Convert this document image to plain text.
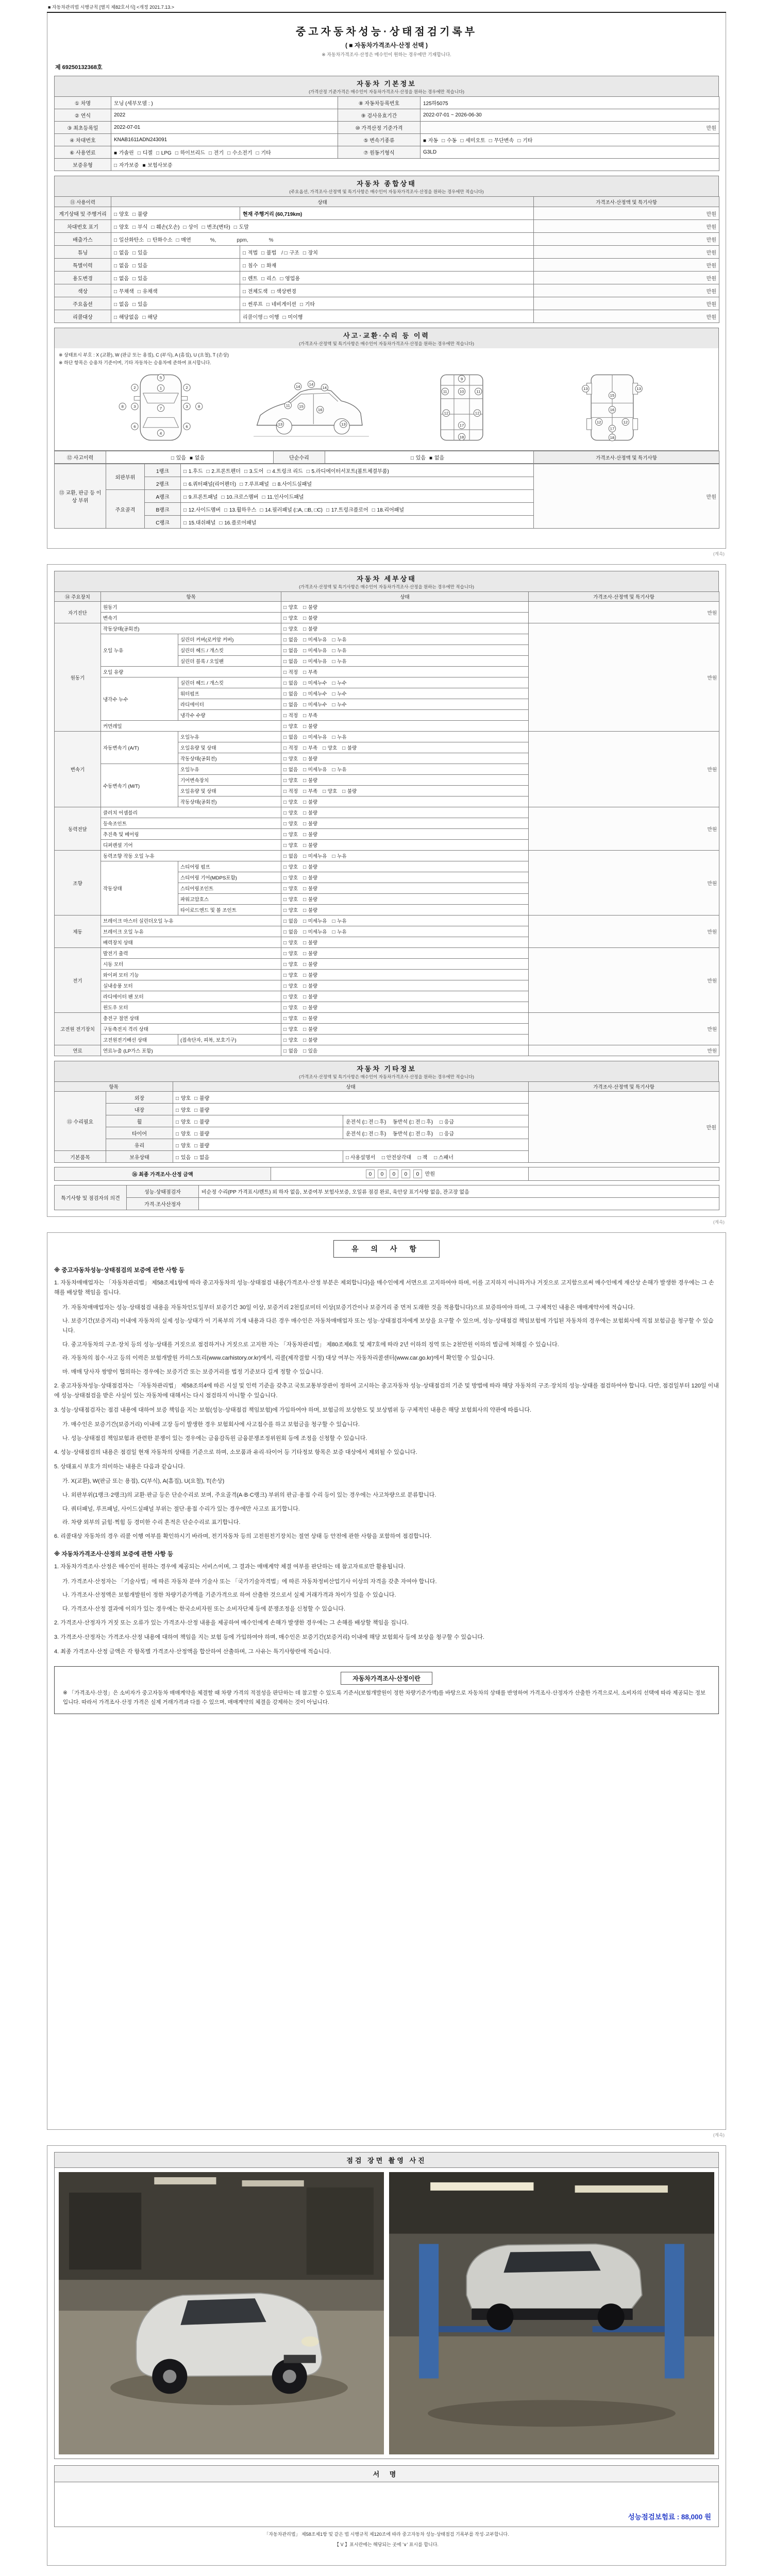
■ 자동차관리법 시행규칙 [별지 제82호서식] <개정 2021.7.13.>
중고자동차성능·상태점검기록부
( ■ 자동차가격조사·산정 선택 )
※ 자동차가격조사·산정은 매수인이 원하는 경우에만 기재합니다.
제 69250132368호
자동차 기본정보
(가격산정 기준가격은 매수인이 자동차가격조사·산정을 원하는 경우에만 적습니다)
① 차명	모닝 (세부모델 : )	⑧ 자동차등록번호	125하5075
② 연식	2022	⑨ 검사유효기간	2022-07-01 ~ 2026-06-30
③ 최초등록일	2022-07-01	⑩ 가격산정 기준가격	만원
④ 차대번호	KNAB1611ADN243091	⑤ 변속기종류	■ 자동 □ 수동 □ 세미오토 □ 무단변속 □ 기타
⑥ 사용연료	■ 가솔린 □ 디젤 □ LPG □ 하이브리드 □ 전기 □ 수소전기 □ 기타	⑦ 원동기형식	G3LD
보증유형	□ 자가보증 ■ 보험사보증		
자동차 종합상태
(주요옵션, 가격조사·산정액 및 특기사항은 매수인이 자동차가격조사·산정을 원하는 경우에만 적습니다)
⑪ 사용이력	상태		가격조사·산정액 및 특기사항
계기상태 및 주행거리	□ 양호 □ 불량	현재 주행거리 (60,719km)	만원
차대번호 표기	□ 양호 □ 부식 □ 훼손(오손) □ 상이 □ 변조(변타) □ 도말		만원
배출가스	□ 일산화탄소 □ 탄화수소 □ 매연　　　%,　　　　ppm,　　　　%		만원
튜닝	□ 없음 □ 있음	□ 적법 □ 불법 / □ 구조 □ 장치	만원
특별이력	□ 없음 □ 있음	□ 침수 □ 화재	만원
용도변경	□ 없음 □ 있음	□ 렌트 □ 리스 □ 영업용	만원
색상	□ 무채색 □ 유채색	□ 전체도색 □ 색상변경	만원
주요옵션	□ 없음 □ 있음	□ 썬루프 □ 네비게이션 □ 기타	만원
리콜대상	□ 해당없음 □ 해당	리콜이행 □ 이행 □ 미이행	만원
사고·교환·수리 등 이력
(가격조사·산정액 및 특기사항은 매수인이 자동차가격조사·산정을 원하는 경우에만 적습니다)
※ 상태표시 부호 : X (교환), W (판금 또는 용접), C (부식), A (흠집), U (요철), T (손상)
※ 하단 항목은 승용차 기준이며, 기타 자동차는 승용차에 준하여 표시합니다.
5
1
2	2
3	3
7
8	8
6	6
4
14 14
14
11
13	13
15
16
9
10
11	11
12	12
17
18
13	13
15
16
12	12
17
18
⑫ 사고이력	□ 있음 ■ 없음	단순수리	□ 있음 ■ 없음	가격조사·산정액 및 특기사항
⑬ 교환, 판금 등 이상 부위	외판부위	1랭크	□ 1.후드 □ 2.프론트펜더 □ 3.도어 □ 4.트렁크 리드 □ 5.라디에이터서포트(볼트체결부품)	만원
		2랭크	□ 6.쿼터패널(리어펜더) □ 7.루프패널 □ 8.사이드실패널	
	주요골격	A랭크	□ 9.프론트패널 □ 10.크로스멤버 □ 11.인사이드패널	
		B랭크	□ 12.사이드멤버 □ 13.휠하우스 □ 14.필러패널 (□A, □B, □C) □ 17.트렁크플로어 □ 18.리어패널	
		C랭크	□ 15.대쉬패널 □ 16.플로어패널	
(계속)
자동차 세부상태
(가격조사·산정액 및 특기사항은 매수인이 자동차가격조사·산정을 원하는 경우에만 적습니다)
⑭ 주요장치	항목		상태	가격조사·산정액 및 특기사항
자기진단	원동기		□ 양호 □ 불량	만원
	변속기		□ 양호 □ 불량	
원동기	작동상태(공회전)		□ 양호 □ 불량	만원
	오일 누유	실린더 커버(로커암 커버)	□ 없음 □ 미세누유 □ 누유	
		실린더 헤드 / 개스킷	□ 없음 □ 미세누유 □ 누유	
		실린더 블록 / 오일팬	□ 없음 □ 미세누유 □ 누유	
	오일 유량		□ 적정 □ 부족	
	냉각수 누수	실린더 헤드 / 개스킷	□ 없음 □ 미세누수 □ 누수	
		워터펌프	□ 없음 □ 미세누수 □ 누수	
		라디에이터	□ 없음 □ 미세누수 □ 누수	
		냉각수 수량	□ 적정 □ 부족	
	커먼레일		□ 양호 □ 불량	
변속기	자동변속기 (A/T)	오일누유	□ 없음 □ 미세누유 □ 누유	만원
		오일유량 및 상태	□ 적정 □ 부족 □ 양호 □ 불량	
		작동상태(공회전)	□ 양호 □ 불량	
	수동변속기 (M/T)	오일누유	□ 없음 □ 미세누유 □ 누유	
		기어변속장치	□ 양호 □ 불량	
		오일유량 및 상태	□ 적정 □ 부족 □ 양호 □ 불량	
		작동상태(공회전)	□ 양호 □ 불량	
동력전달	클러치 어셈블리		□ 양호 □ 불량	만원
	등속조인트		□ 양호 □ 불량	
	추진축 및 베어링		□ 양호 □ 불량	
	디퍼렌셜 기어		□ 양호 □ 불량	
조향	동력조향 작동 오일 누유		□ 없음 □ 미세누유 □ 누유	만원
	작동상태	스티어링 펌프	□ 양호 □ 불량	
		스티어링 기어(MDPS포함)	□ 양호 □ 불량	
		스티어링조인트	□ 양호 □ 불량	
		파워고압호스	□ 양호 □ 불량	
		타이로드엔드 및 볼 조인트	□ 양호 □ 불량	
제동	브레이크 마스터 실린더오일 누유		□ 없음 □ 미세누유 □ 누유	만원
	브레이크 오일 누유		□ 없음 □ 미세누유 □ 누유	
	배력장치 상태		□ 양호 □ 불량	
전기	발전기 출력		□ 양호 □ 불량	만원
	시동 모터		□ 양호 □ 불량	
	와이퍼 모터 기능		□ 양호 □ 불량	
	실내송풍 모터		□ 양호 □ 불량	
	라디에이터 팬 모터		□ 양호 □ 불량	
	윈도우 모터		□ 양호 □ 불량	
고전원 전기장치	충전구 절연 상태		□ 양호 □ 불량	만원
	구동축전지 격리 상태		□ 양호 □ 불량	
	고전원전기배선 상태	(접속단자, 피복, 보호기구)	□ 양호 □ 불량	
연료	연료누출 (LP가스 포함)		□ 없음 □ 있음	만원
자동차 기타정보
(가격조사·산정액 및 특기사항은 매수인이 자동차가격조사·산정을 원하는 경우에만 적습니다)
항목		상태		가격조사·산정액 및 특기사항
⑮ 수리필요	외장	□ 양호 □ 불량		만원
	내장	□ 양호 □ 불량		
	휠	□ 양호 □ 불량	운전석 (□ 전 □ 후)　 동반석 (□ 전 □ 후)　 □ 응급	
	타이어	□ 양호 □ 불량	운전석 (□ 전 □ 후)　 동반석 (□ 전 □ 후)　 □ 응급	
	유리	□ 양호 □ 불량		
기본품목	보유상태	□ 있음 □ 없음	□ 사용설명서　 □ 안전삼각대　 □ 잭　 □ 스패너	
⑯ 최종 가격조사·산정 금액	0 0 0 0 0 만원	
특기사항 및 점검자의 의견	성능·상태점검자	비순정 수리(PP 가격표시/렌트) 외 하자 없음, 보증여부 보험사보증, 오일류 점검 완료, 육안상 표기사항 없음, 잔고장 없음
	가격·조사산정자	
(계속)
유 의 사 항
※ 중고자동차성능·상태점검의 보증에 관한 사항 등
1. 자동차매매업자는 「자동차관리법」 제58조제1항에 따라 중고자동차의 성능·상태점검 내용(가격조사·산정 부분은 제외합니다)을 매수인에게 서면으로 고지하여야 하며, 이를 고지하지 아니하거나 거짓으로 고지함으로써 매수인에게 재산상 손해가 발생한 경우에는 그 손해를 배상할 책임을 집니다.
가. 자동차매매업자는 성능·상태점검 내용을 자동차인도일부터 보증기간 30일 이상, 보증거리 2천킬로미터 이상(보증기간이나 보증거리 중 먼저 도래한 것을 적용합니다)으로 보증하여야 하며, 그 구체적인 내용은 매매계약서에 적습니다.
나. 보증기간(보증거리) 이내에 자동차의 실제 성능·상태가 이 기록부의 기재 내용과 다른 경우 매수인은 자동차매매업자 또는 성능·상태점검자에게 보상을 요구할 수 있으며, 성능·상태점검 책임보험에 가입된 자동차의 경우에는 보험회사에 직접 보험금을 청구할 수 있습니다.
다. 중고자동차의 구조·장치 등의 성능·상태를 거짓으로 점검하거나 거짓으로 고지한 자는 「자동차관리법」 제80조제6호 및 제7호에 따라 2년 이하의 징역 또는 2천만원 이하의 벌금에 처해질 수 있습니다.
라. 자동차의 침수·사고 등의 이력은 보험개발원 카히스토리(www.carhistory.or.kr)에서, 리콜(제작결함 시정) 대상 여부는 자동차리콜센터(www.car.go.kr)에서 확인할 수 있습니다.
마. 매매 당사자 쌍방이 협의하는 경우에는 보증기간 또는 보증거리를 법정 기준보다 길게 정할 수 있습니다.
2. 중고자동차성능·상태점검자는 「자동차관리법」 제58조의4에 따른 시설 및 인력 기준을 갖추고 국토교통부장관이 정하여 고시하는 중고자동차 성능·상태점검의 기준 및 방법에 따라 해당 자동차의 구조·장치의 성능·상태를 점검하여야 합니다. 다만, 점검일부터 120일 이내에 성능·상태점검을 받은 사실이 있는 자동차에 대해서는 다시 점검하지 아니할 수 있습니다.
3. 성능·상태점검자는 점검 내용에 대하여 보증 책임을 지는 보험(성능·상태점검 책임보험)에 가입하여야 하며, 보험금의 보상한도 및 보상범위 등 구체적인 내용은 해당 보험회사의 약관에 따릅니다.
가. 매수인은 보증기간(보증거리) 이내에 고장 등이 발생한 경우 보험회사에 사고접수를 하고 보험금을 청구할 수 있습니다.
나. 성능·상태점검 책임보험과 관련한 분쟁이 있는 경우에는 금융감독원 금융분쟁조정위원회 등에 조정을 신청할 수 있습니다.
4. 성능·상태점검의 내용은 점검일 현재 자동차의 상태를 기준으로 하며, 소모품과 유리·타이어 등 기타정보 항목은 보증 대상에서 제외될 수 있습니다.
5. 상태표시 부호가 의미하는 내용은 다음과 같습니다.
가. X(교환), W(판금 또는 용접), C(부식), A(흠집), U(요철), T(손상)
나. 외판부위(1랭크·2랭크)의 교환·판금 등은 단순수리로 보며, 주요골격(A·B·C랭크) 부위의 판금·용접 수리 등이 있는 경우에는 사고차량으로 분류합니다.
다. 쿼터패널, 루프패널, 사이드실패널 부위는 절단·용접 수리가 있는 경우에만 사고로 표기합니다.
라. 차량 외부의 긁힘·찍힘 등 경미한 수리 흔적은 단순수리로 표기합니다.
6. 리콜대상 자동차의 경우 리콜 이행 여부를 확인하시기 바라며, 전기자동차 등의 고전원전기장치는 절연 상태 등 안전에 관한 사항을 포함하여 점검합니다.
※ 자동차가격조사·산정의 보증에 관한 사항 등
1. 자동차가격조사·산정은 매수인이 원하는 경우에 제공되는 서비스이며, 그 결과는 매매계약 체결 여부를 판단하는 데 참고자료로만 활용됩니다.
가. 가격조사·산정자는 「기술사법」에 따른 자동차 분야 기술사 또는 「국가기술자격법」에 따른 자동차정비산업기사 이상의 자격을 갖춘 자여야 합니다.
나. 가격조사·산정액은 보험개발원이 정한 차량기준가액을 기준가격으로 하여 산출한 것으로서 실제 거래가격과 차이가 있을 수 있습니다.
다. 가격조사·산정 결과에 이의가 있는 경우에는 한국소비자원 또는 소비자단체 등에 분쟁조정을 신청할 수 있습니다.
2. 가격조사·산정자가 거짓 또는 오류가 있는 가격조사·산정 내용을 제공하여 매수인에게 손해가 발생한 경우에는 그 손해를 배상할 책임을 집니다.
3. 가격조사·산정자는 가격조사·산정 내용에 대하여 책임을 지는 보험 등에 가입하여야 하며, 매수인은 보증기간(보증거리) 이내에 해당 보험회사 등에 보상을 청구할 수 있습니다.
4. 최종 가격조사·산정 금액은 각 항목별 가격조사·산정액을 합산하여 산출하며, 그 사유는 특기사항란에 적습니다.
자동차가격조사·산정이란
※ 「가격조사·산정」은 소비자가 중고자동차 매매계약을 체결할 때 차량 가격의 적절성을 판단하는 데 참고할 수 있도록 기준서(보험개발원이 정한 차량기준가액)를 바탕으로 자동차의 상태를 반영하여 가격조사·산정자가 산출한 가격으로서, 소비자의 선택에 따라 제공되는 정보입니다. 따라서 가격조사·산정 가격은 실제 거래가격과 다를 수 있으며, 매매계약의 체결을 강제하는 것이 아닙니다.
(계속)
점검 장면 촬영 사진
서 명
성능점검보험료 : 88,000 원
「자동차관리법」 제58조제1항 및 같은 법 시행규칙 제120조에 따라 중고자동차 성능·상태점검 기록부를 작성·교부합니다.
【 V 】표시란에는 해당되는 곳에 '∨' 표시를 합니다.
